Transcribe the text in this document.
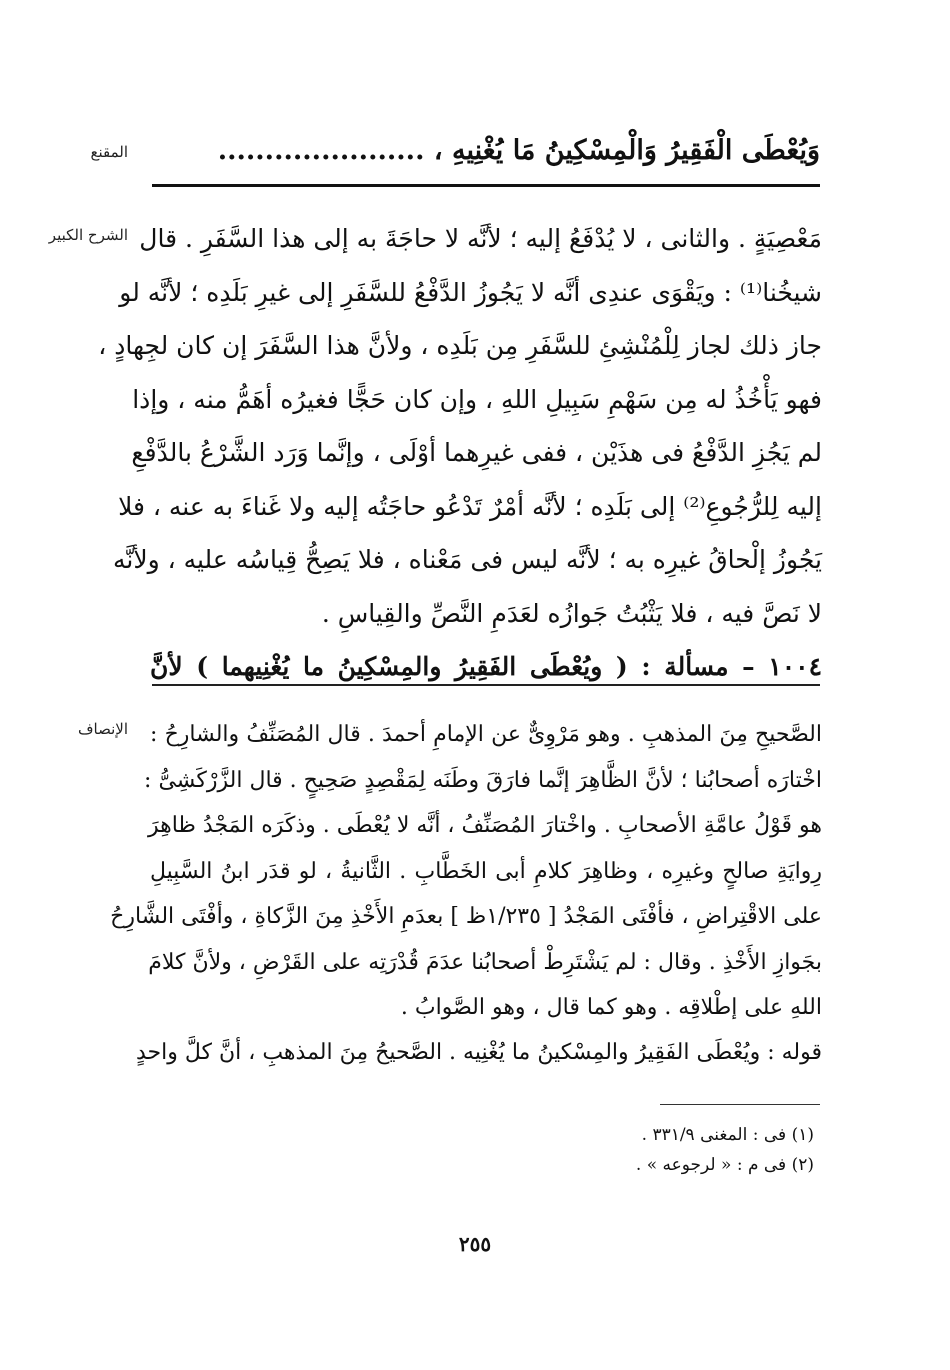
المقنع	وَيُعْطَى الْفَقِيرُ وَالْمِسْكِينُ مَا يُغْنِيهِ ، ......................
الشرح الكبير مَعْصِيَةٍ . والثانى ، لا يُدْفَعُ إليه ؛ لأنَّه لا حاجَةَ به إلى هذا السَّفَرِ . قال
شيخُنا⁽¹⁾ : ويَقْوَى عندِى أنَّه لا يَجُوزُ الدَّفْعُ للسَّفَرِ إلى غيرِ بَلَدِه ؛ لأنَّه لو
جاز ذلك لجاز لِلْمُنْشِئِ للسَّفَرِ مِن بَلَدِه ، ولأنَّ هذا السَّفَرَ إن كان لجِهادٍ ،
فهو يَأْخُذُ له مِن سَهْمِ سَبِيلِ اللهِ ، وإن كان حَجًّا فغيرُه أهَمُّ منه ، وإذا
لم يَجُزِ الدَّفْعُ فى هذَيْن ، ففى غيرِهما أوْلَى ، وإنَّما وَرَد الشَّرْعُ بالدَّفْعِ
إليه لِلرُّجُوعِ⁽²⁾ إلى بَلَدِه ؛ لأنَّه أمْرٌ تَدْعُو حاجَتُه إليه ولا غَناءَ به عنه ، فلا
يَجُوزُ إلْحاقُ غيرِه به ؛ لأنَّه ليس فى مَعْناه ، فلا يَصِحُّ قِياسُه عليه ، ولأنَّه
لا نَصَّ فيه ، فلا يَثْبُتُ جَوازُه لعَدَمِ النَّصِّ والقِياسِ .
١٠٠٤ – مسألة : ( ويُعْطَى الفَقِيرُ والمِسْكِينُ ما يُغْنِيهما ) لأنَّ
الإنصاف الصَّحيحِ مِنَ المذهبِ . وهو مَرْوِىٌّ عن الإمامِ أحمدَ . قال المُصَنِّفُ والشارِحُ :
اخْتارَه أصحابُنا ؛ لأنَّ الظَّاهِرَ إنَّما فارَقَ وطَنَه لِمَقْصِدٍ صَحِيحٍ . قال الزَّرْكَشِىُّ :
هو قَوْلُ عامَّةِ الأصحابِ . واخْتارَ المُصَنِّفُ ، أنَّه لا يُعْطَى . وذكَرَه المَجْدُ ظاهِرَ
رِوايَةِ صالحٍ وغيرِه ، وظاهِرَ كلامِ أبى الخَطَّابِ . الثَّانيةُ ، لو قدَر ابنُ السَّبِيلِ
على الاقْتِراضِ ، فأفْتَى المَجْدُ [ ١/٢٣٥ظ ] بعدَمِ الأَخْذِ مِنَ الزَّكاةِ ، وأفْتَى الشَّارِحُ
بجَوازِ الأَخْذِ . وقال : لم يَشْتَرِطْ أصحابُنا عدَمَ قُدْرَتِه على القَرْضِ ، ولأنَّ كلامَ
اللهِ على إطْلاقِه . وهو كما قال ، وهو الصَّوابُ .
قوله : ويُعْطَى الفَقِيرُ والمِسْكينُ ما يُغْنِيه . الصَّحيحُ مِنَ المذهبِ ، أنَّ كلَّ واحدٍ
(١) فى : المغنى ٣٣١/٩ .
(٢) فى م : « لرجوعه » .
٢٥٥
